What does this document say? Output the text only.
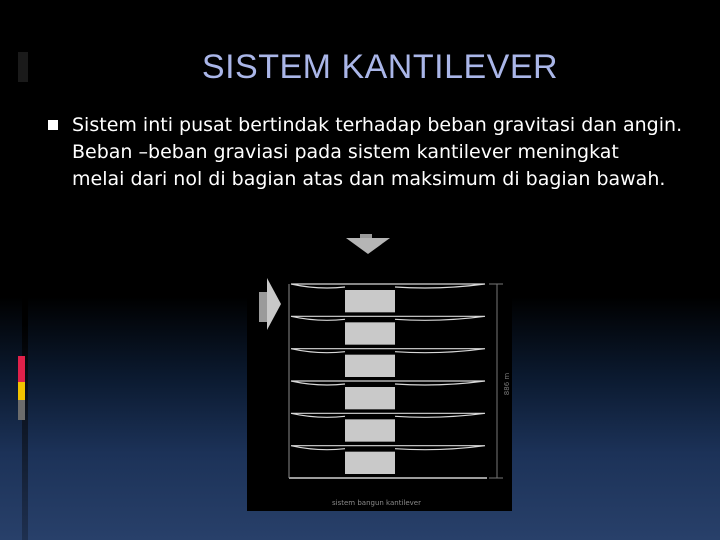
SISTEM KANTILEVER
Sistem inti pusat bertindak terhadap beban gravitasi dan angin.
Beban –beban graviasi pada sistem kantilever meningkat
melai dari nol di bagian atas dan maksimum di bagian bawah.
886 m
sistem bangun kantilever
